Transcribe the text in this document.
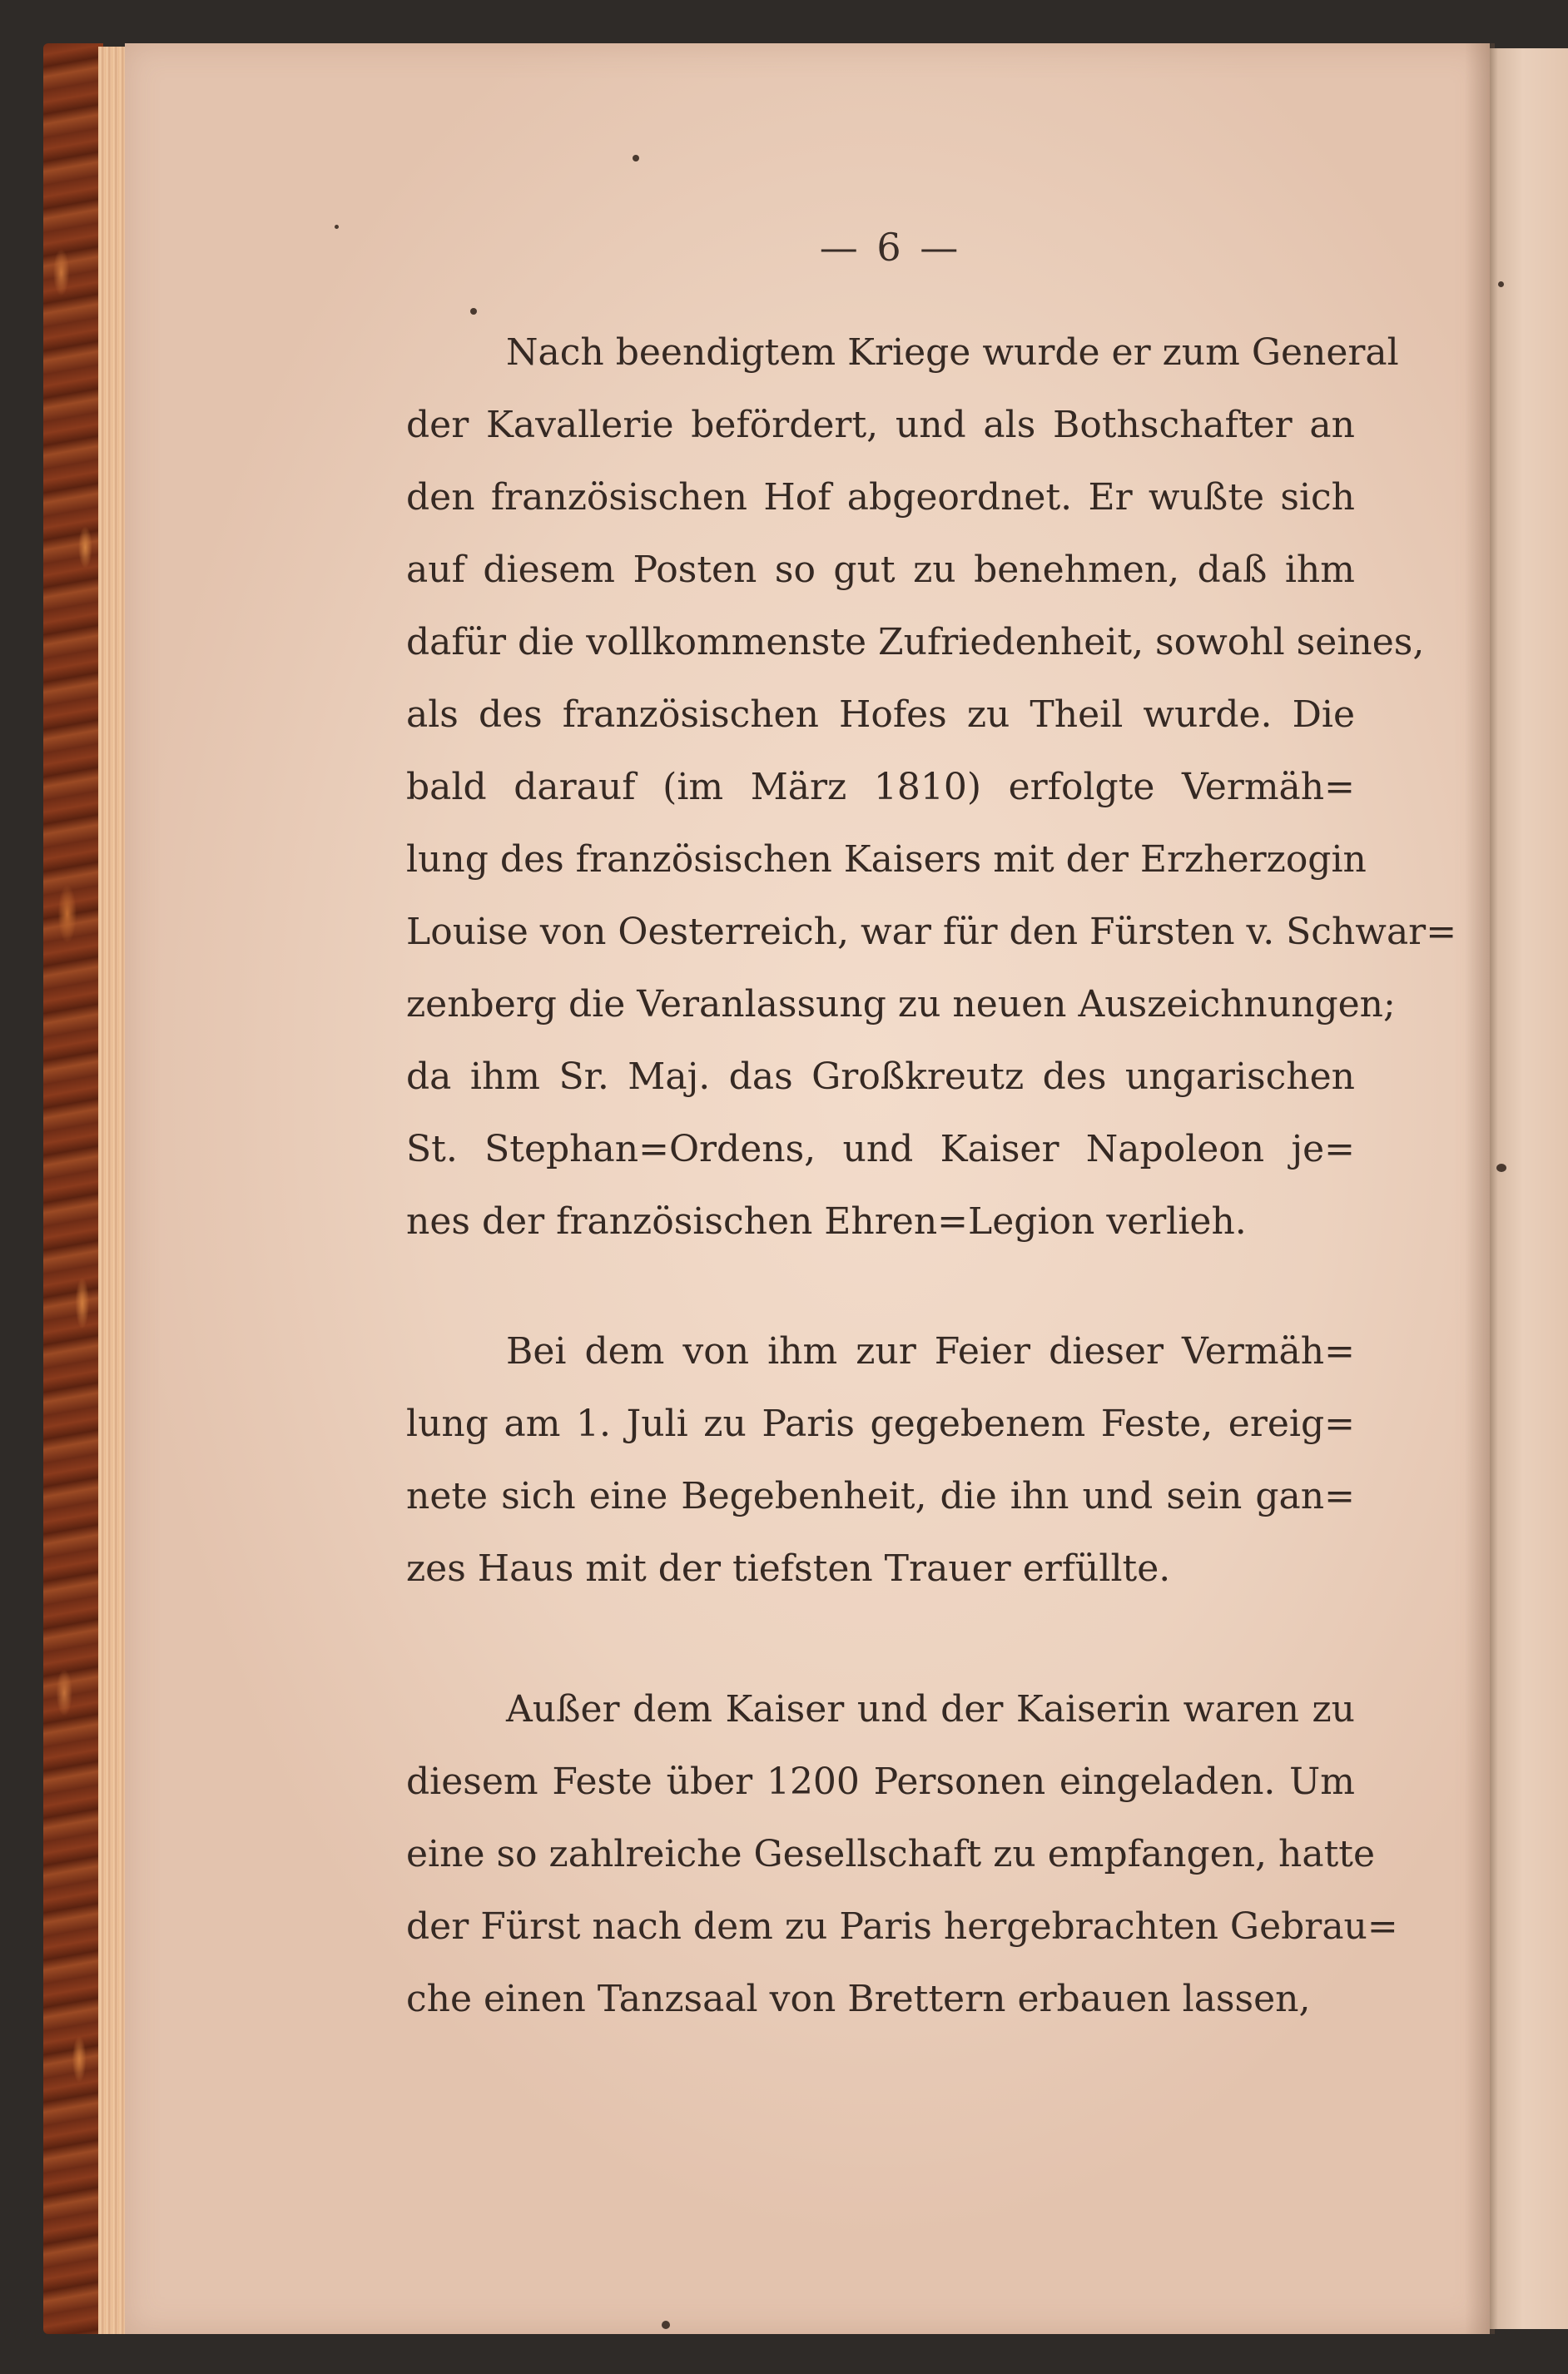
— 6 —
Nach beendigtem Kriege wurde er zum General
der Kavallerie befördert, und als Bothschafter an
den französischen Hof abgeordnet. Er wußte sich
auf diesem Posten so gut zu benehmen, daß ihm
dafür die vollkommenste Zufriedenheit, sowohl seines,
als des französischen Hofes zu Theil wurde. Die
bald darauf (im März 1810) erfolgte Vermäh=
lung des französischen Kaisers mit der Erzherzogin
Louise von Oesterreich, war für den Fürsten v. Schwar=
zenberg die Veranlassung zu neuen Auszeichnungen;
da ihm Sr. Maj. das Großkreutz des ungarischen
St. Stephan=Ordens, und Kaiser Napoleon je=
nes der französischen Ehren=Legion verlieh.
Bei dem von ihm zur Feier dieser Vermäh=
lung am 1. Juli zu Paris gegebenem Feste, ereig=
nete sich eine Begebenheit, die ihn und sein gan=
zes Haus mit der tiefsten Trauer erfüllte.
Außer dem Kaiser und der Kaiserin waren zu
diesem Feste über 1200 Personen eingeladen. Um
eine so zahlreiche Gesellschaft zu empfangen, hatte
der Fürst nach dem zu Paris hergebrachten Gebrau=
che einen Tanzsaal von Brettern erbauen lassen,
